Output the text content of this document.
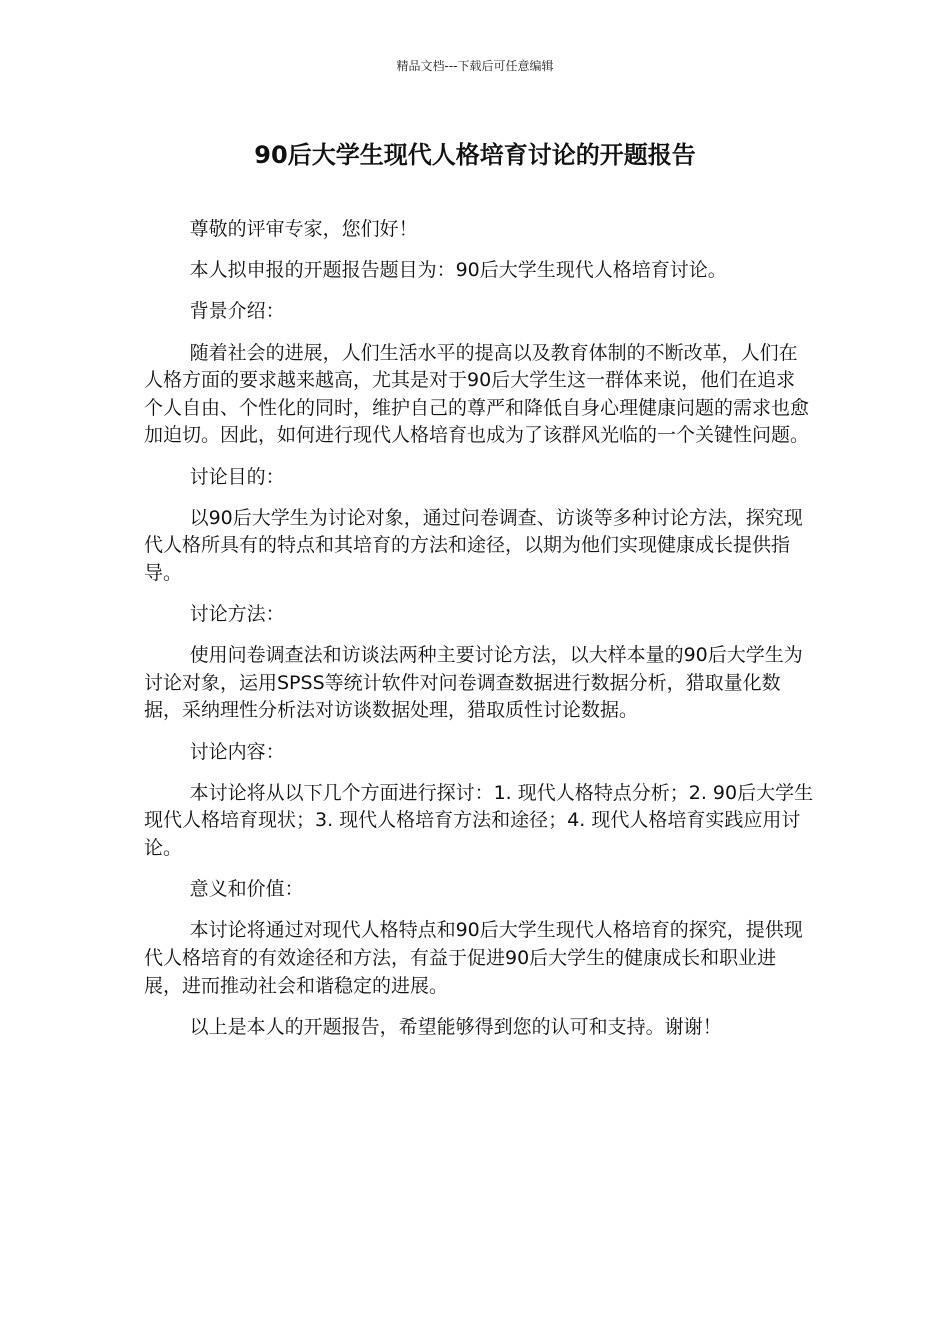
精品文档---下载后可任意编辑
90后大学生现代人格培育讨论的开题报告

尊敬的评审专家，您们好！

本人拟申报的开题报告题目为：90后大学生现代人格培育讨论。

背景介绍：

随着社会的进展，人们生活水平的提高以及教育体制的不断改革，人们在人格方面的要求越来越高，尤其是对于90后大学生这一群体来说，他们在追求个人自由、个性化的同时，维护自己的尊严和降低自身心理健康问题的需求也愈加迫切。因此，如何进行现代人格培育也成为了该群风光临的一个关键性问题。

讨论目的：

以90后大学生为讨论对象，通过问卷调查、访谈等多种讨论方法，探究现代人格所具有的特点和其培育的方法和途径，以期为他们实现健康成长提供指导。

讨论方法：

使用问卷调查法和访谈法两种主要讨论方法，以大样本量的90后大学生为讨论对象，运用SPSS等统计软件对问卷调查数据进行数据分析，猎取量化数据，采纳理性分析法对访谈数据处理，猎取质性讨论数据。

讨论内容：

本讨论将从以下几个方面进行探讨：1. 现代人格特点分析；2. 90后大学生现代人格培育现状；3. 现代人格培育方法和途径；4. 现代人格培育实践应用讨论。

意义和价值：

本讨论将通过对现代人格特点和90后大学生现代人格培育的探究，提供现代人格培育的有效途径和方法，有益于促进90后大学生的健康成长和职业进展，进而推动社会和谐稳定的进展。

以上是本人的开题报告，希望能够得到您的认可和支持。谢谢！
